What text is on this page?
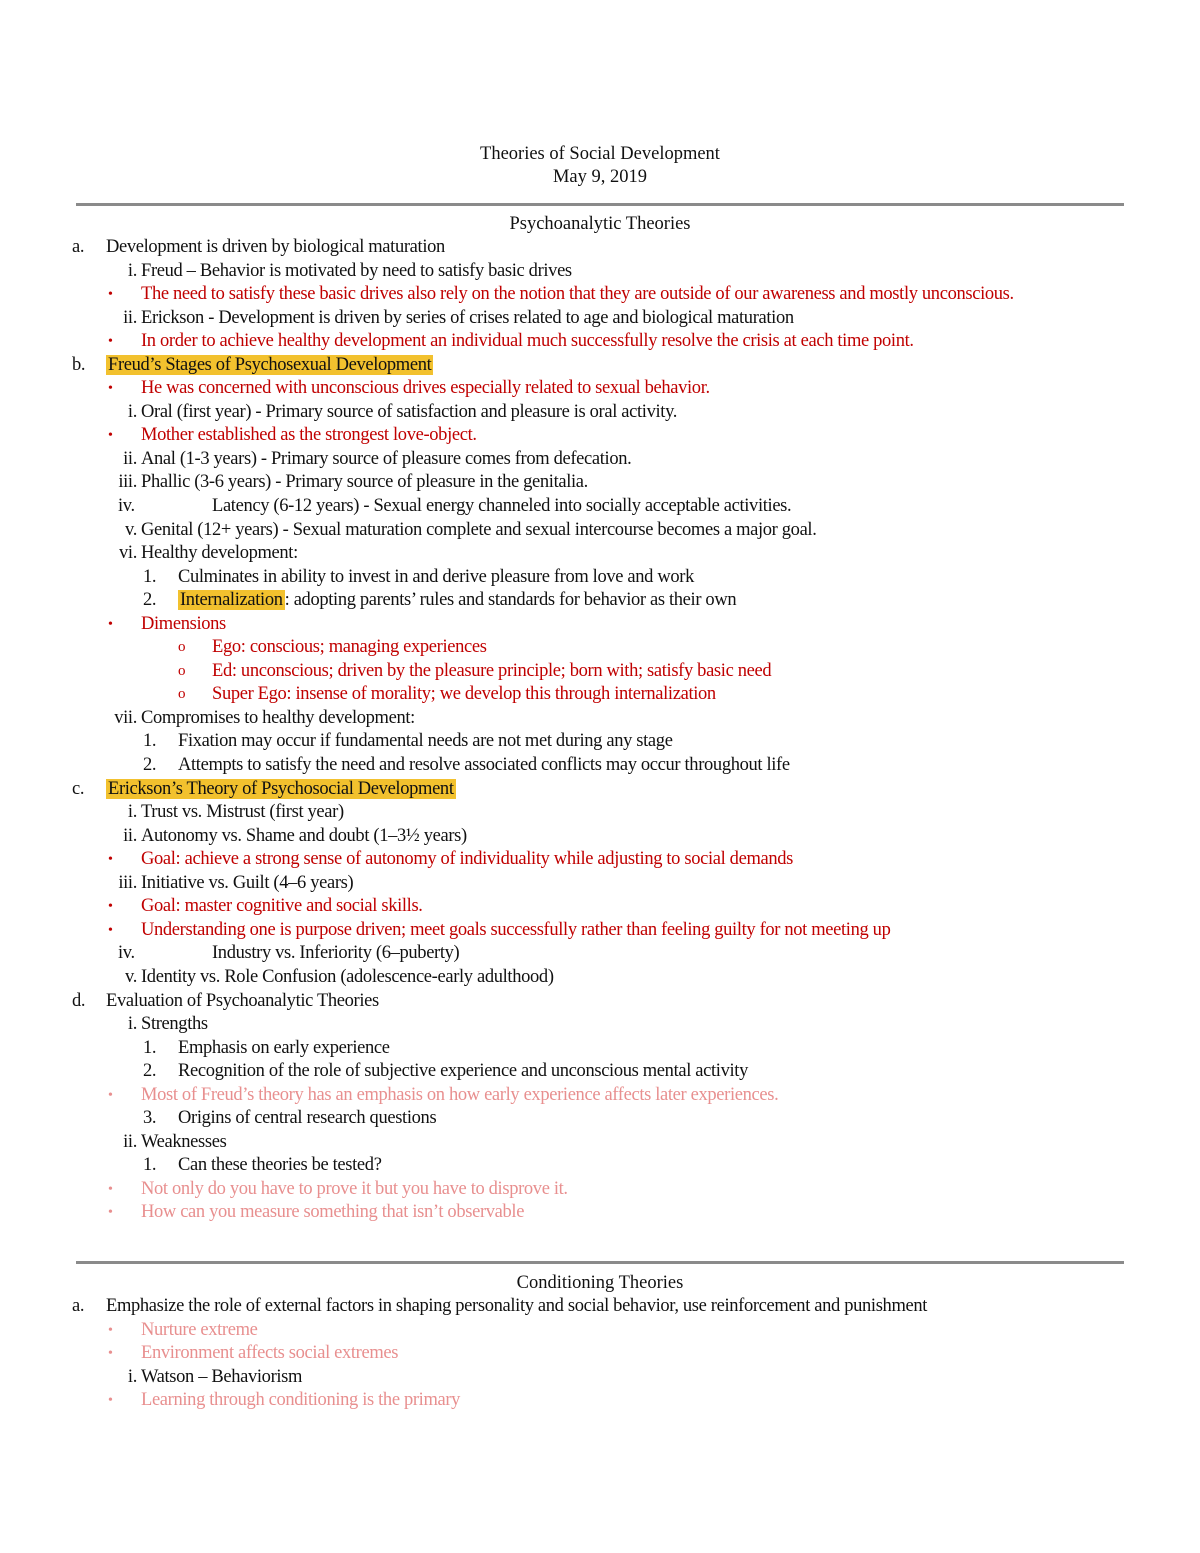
Theories of Social Development
May 9, 2019
Psychoanalytic Theories
a. Development is driven by biological maturation
i. Freud – Behavior is motivated by need to satisfy basic drives
• The need to satisfy these basic drives also rely on the notion that they are outside of our awareness and mostly unconscious.
ii. Erickson - Development is driven by series of crises related to age and biological maturation
• In order to achieve healthy development an individual much successfully resolve the crisis at each time point.
b. Freud’s Stages of Psychosexual Development
• He was concerned with unconscious drives especially related to sexual behavior.
i. Oral (first year) - Primary source of satisfaction and pleasure is oral activity.
• Mother established as the strongest love-object.
ii. Anal (1-3 years) - Primary source of pleasure comes from defecation.
iii. Phallic (3-6 years) - Primary source of pleasure in the genitalia.
iv.	Latency (6-12 years) - Sexual energy channeled into socially acceptable activities.
v. Genital (12+ years) - Sexual maturation complete and sexual intercourse becomes a major goal.
vi. Healthy development:
1. Culminates in ability to invest in and derive pleasure from love and work
2. Internalization : adopting parents’ rules and standards for behavior as their own
• Dimensions
o Ego: conscious; managing experiences
o Ed: unconscious; driven by the pleasure principle; born with; satisfy basic need
o Super Ego: insense of morality; we develop this through internalization
vii. Compromises to healthy development:
1. Fixation may occur if fundamental needs are not met during any stage
2. Attempts to satisfy the need and resolve associated conflicts may occur throughout life
c. Erickson’s Theory of Psychosocial Development
i. Trust vs. Mistrust (first year)
ii. Autonomy vs. Shame and doubt (1–3½ years)
• Goal: achieve a strong sense of autonomy of individuality while adjusting to social demands
iii. Initiative vs. Guilt (4–6 years)
• Goal: master cognitive and social skills.
• Understanding one is purpose driven; meet goals successfully rather than feeling guilty for not meeting up
iv.	Industry vs. Inferiority (6–puberty)
v. Identity vs. Role Confusion (adolescence-early adulthood)
d. Evaluation of Psychoanalytic Theories
i. Strengths
1. Emphasis on early experience
2. Recognition of the role of subjective experience and unconscious mental activity
• Most of Freud’s theory has an emphasis on how early experience affects later experiences.
3. Origins of central research questions
ii. Weaknesses
1. Can these theories be tested?
• Not only do you have to prove it but you have to disprove it.
• How can you measure something that isn’t observable
Conditioning Theories
a. Emphasize the role of external factors in shaping personality and social behavior, use reinforcement and punishment
• Nurture extreme
• Environment affects social extremes
i. Watson – Behaviorism
• Learning through conditioning is the primary
